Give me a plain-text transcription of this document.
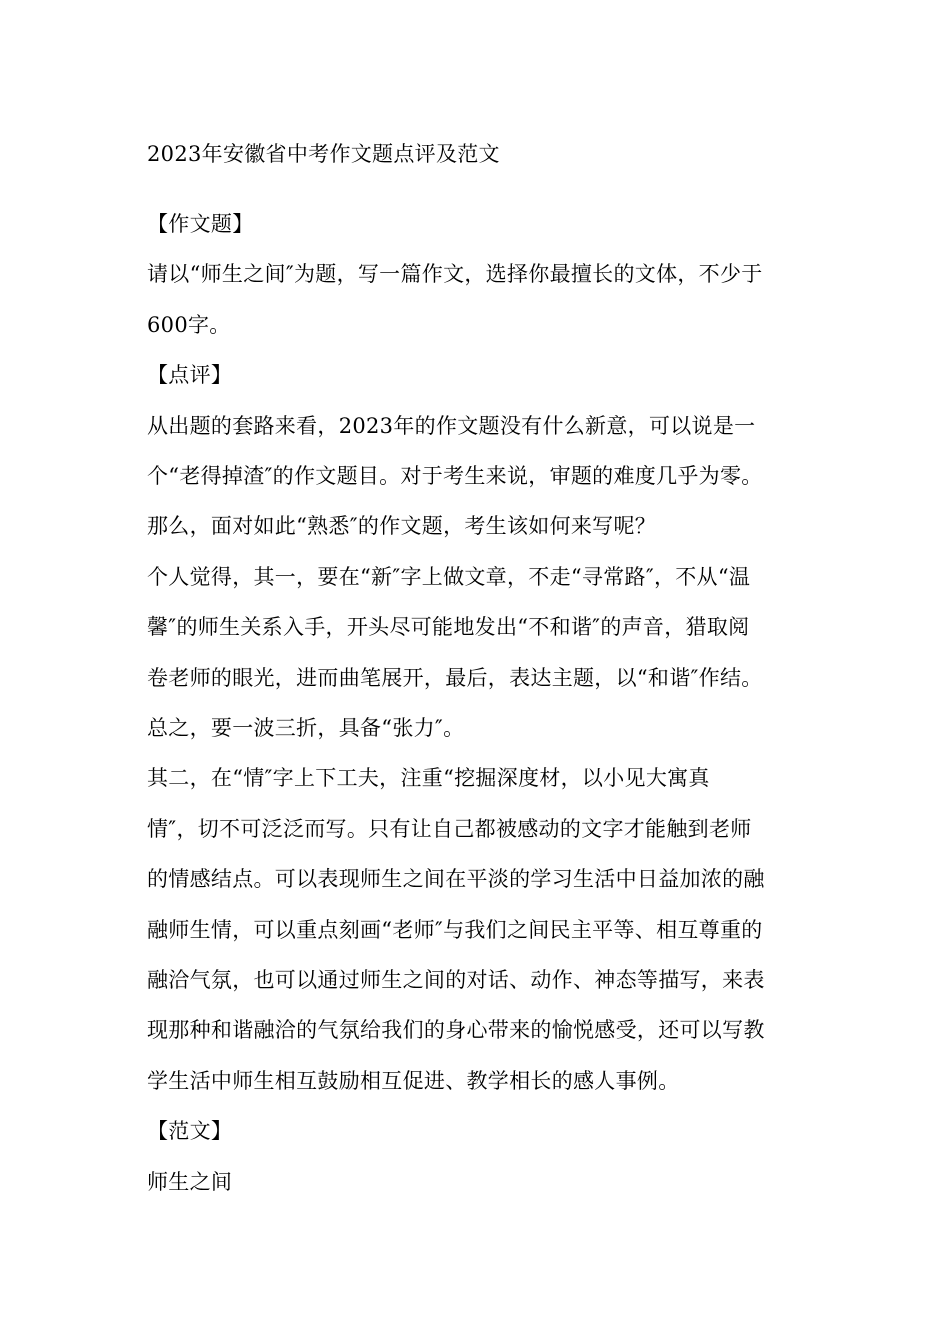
2023年安徽省中考作文题点评及范文
【作文题】
请以“师生之间″为题，写一篇作文，选择你最擅长的文体，不少于
600字。
【点评】
从出题的套路来看，2023年的作文题没有什么新意，可以说是一
个“老得掉渣″的作文题目。对于考生来说，审题的难度几乎为零。
那么，面对如此“熟悉″的作文题，考生该如何来写呢？
个人觉得，其一，要在“新″字上做文章，不走“寻常路″，不从“温
馨″的师生关系入手，开头尽可能地发出“不和谐″的声音，猎取阅
卷老师的眼光，进而曲笔展开，最后，表达主题，以“和谐″作结。
总之，要一波三折，具备“张力″。
其二，在“情″字上下工夫，注重“挖掘深度材，以小见大寓真
情″，切不可泛泛而写。只有让自己都被感动的文字才能触到老师
的情感结点。可以表现师生之间在平淡的学习生活中日益加浓的融
融师生情，可以重点刻画“老师″与我们之间民主平等、相互尊重的
融洽气氛，也可以通过师生之间的对话、动作、神态等描写，来表
现那种和谐融洽的气氛给我们的身心带来的愉悦感受，还可以写教
学生活中师生相互鼓励相互促进、教学相长的感人事例。
【范文】
师生之间
